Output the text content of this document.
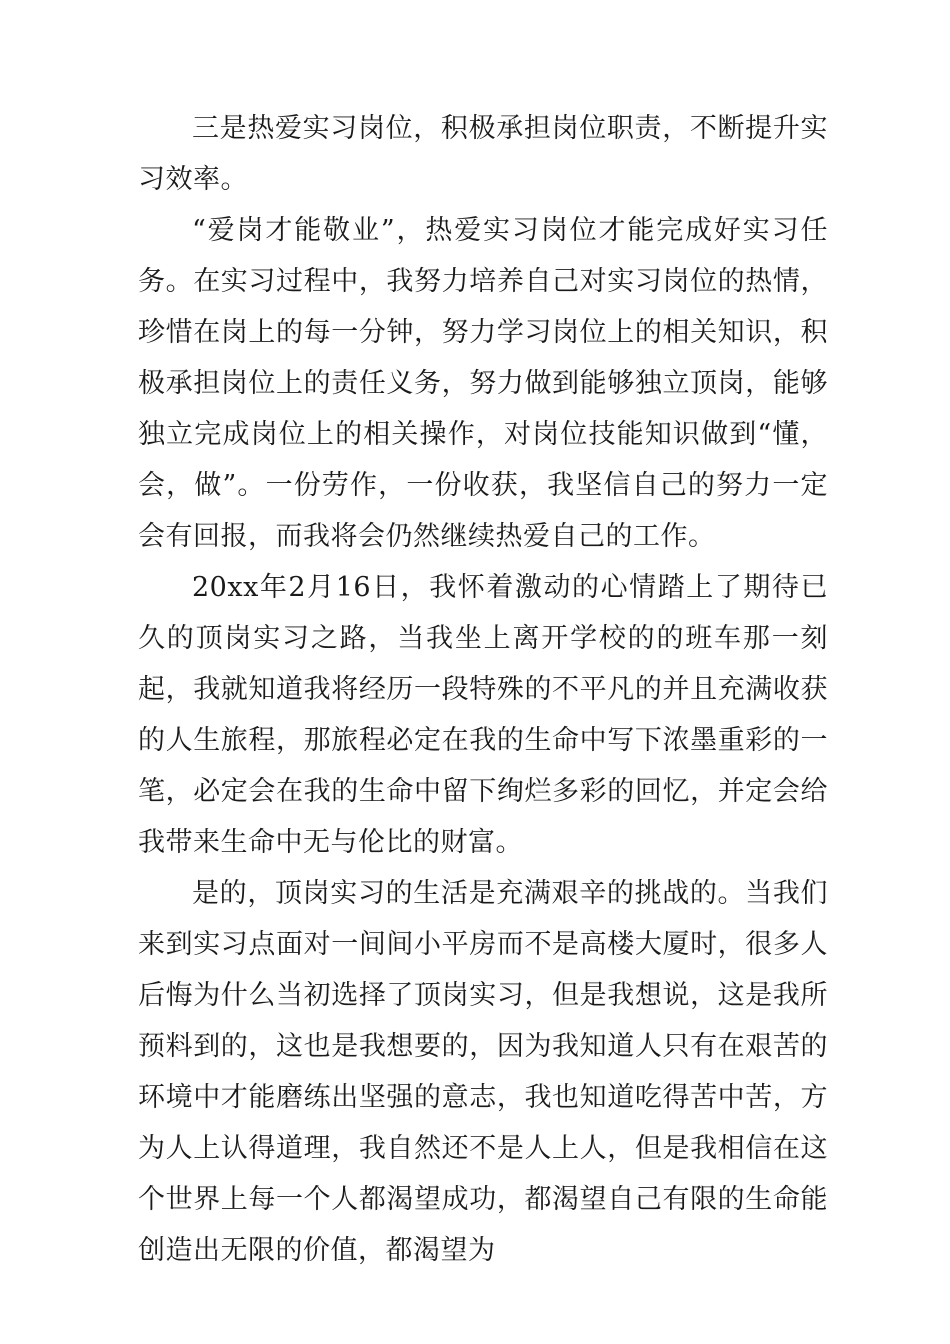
三是热爱实习岗位，积极承担岗位职责，不断提升实习效率。

“爱岗才能敬业”，热爱实习岗位才能完成好实习任务。在实习过程中，我努力培养自己对实习岗位的热情，珍惜在岗上的每一分钟，努力学习岗位上的相关知识，积极承担岗位上的责任义务，努力做到能够独立顶岗，能够独立完成岗位上的相关操作，对岗位技能知识做到“懂，会，做”。一份劳作，一份收获，我坚信自己的努力一定会有回报，而我将会仍然继续热爱自己的工作。

20xx年2月16日，我怀着激动的心情踏上了期待已久的顶岗实习之路，当我坐上离开学校的的班车那一刻起，我就知道我将经历一段特殊的不平凡的并且充满收获的人生旅程，那旅程必定在我的生命中写下浓墨重彩的一笔，必定会在我的生命中留下绚烂多彩的回忆，并定会给我带来生命中无与伦比的财富。

是的，顶岗实习的生活是充满艰辛的挑战的。当我们来到实习点面对一间间小平房而不是高楼大厦时，很多人后悔为什么当初选择了顶岗实习，但是我想说，这是我所预料到的，这也是我想要的，因为我知道人只有在艰苦的环境中才能磨练出坚强的意志，我也知道吃得苦中苦，方为人上认得道理，我自然还不是人上人，但是我相信在这个世界上每一个人都渴望成功，都渴望自己有限的生命能创造出无限的价值，都渴望为
